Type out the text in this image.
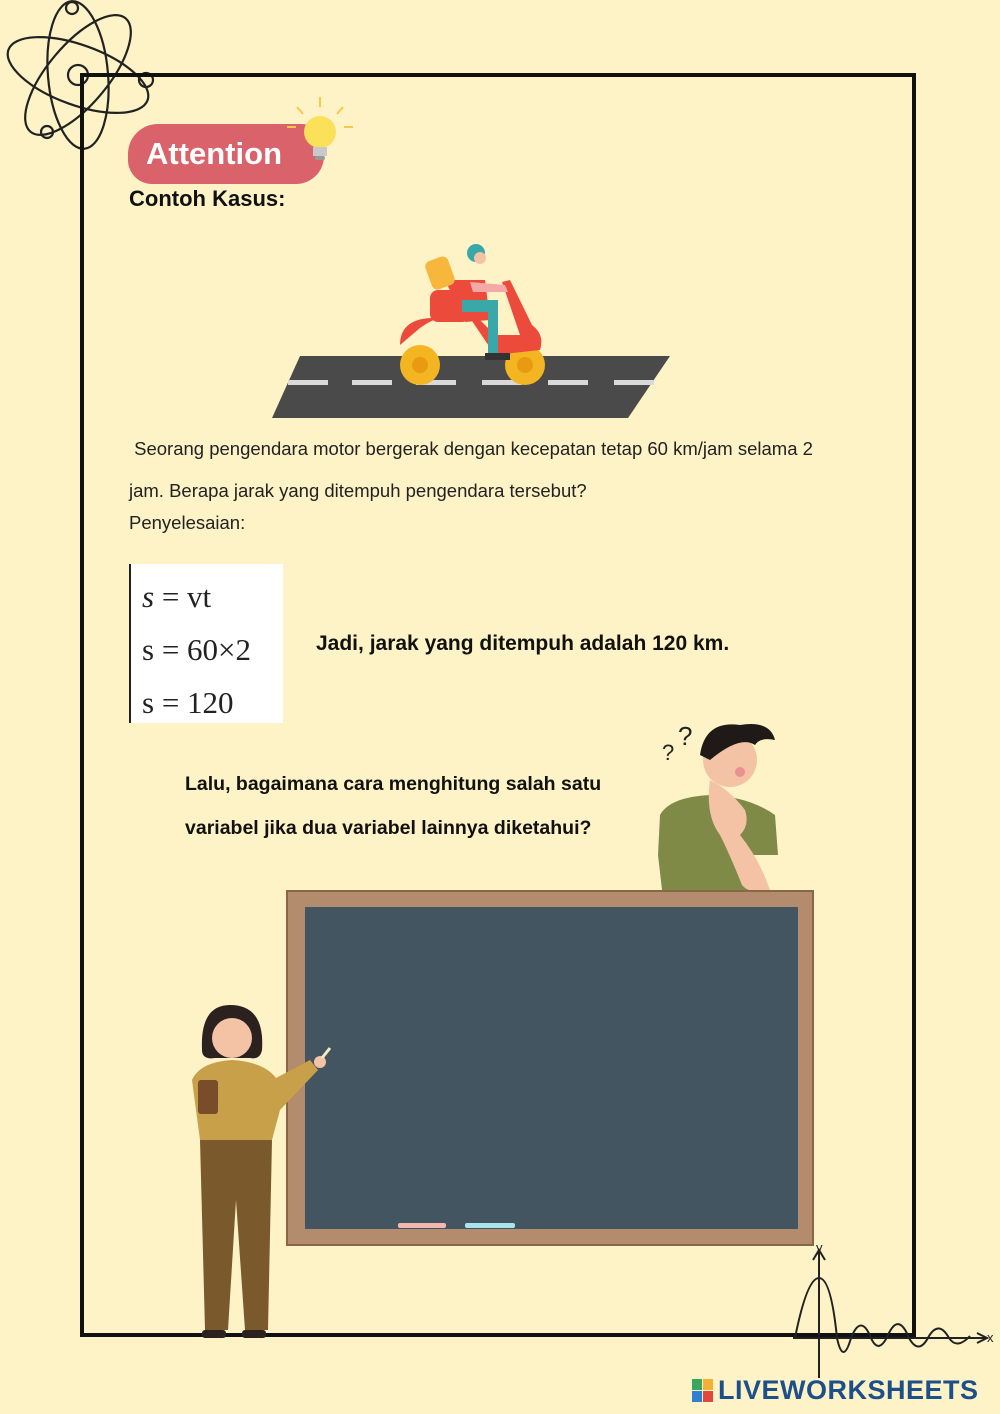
Attention
Contoh Kasus:
Seorang pengendara motor bergerak dengan kecepatan tetap 60 km/jam selama 2
jam. Berapa jarak yang ditempuh pengendara tersebut?
Penyelesaian:
s = vt
s = 60×2
s = 120
Jadi, jarak yang ditempuh adalah 120 km.
Lalu, bagaimana cara menghitung salah satu
variabel jika dua variabel lainnya diketahui?
?
?
y
x
LIVEWORKSHEETS
